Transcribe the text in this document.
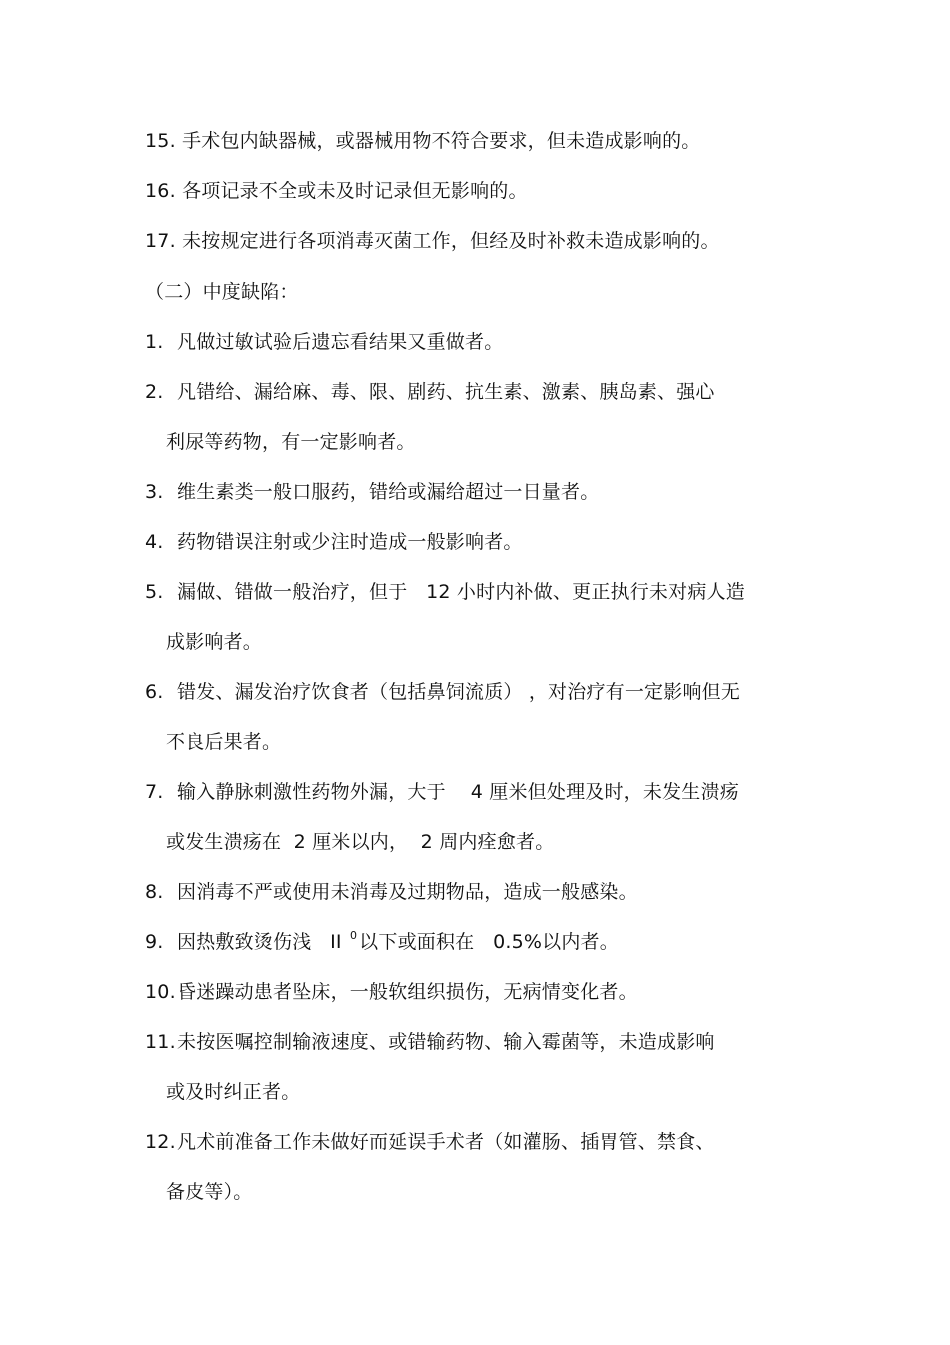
15. 手术包内缺器械，或器械用物不符合要求，但未造成影响的。
16. 各项记录不全或未及时记录但无影响的。
17. 未按规定进行各项消毒灭菌工作，但经及时补救未造成影响的。
（二）中度缺陷：
1. 凡做过敏试验后遗忘看结果又重做者。
2. 凡错给、漏给麻、毒、限、剧药、抗生素、激素、胰岛素、强心
利尿等药物，有一定影响者。
3. 维生素类一般口服药，错给或漏给超过一日量者。
4. 药物错误注射或少注时造成一般影响者。
5. 漏做、错做一般治疗，但于   12 小时内补做、更正执行未对病人造
成影响者。
6. 错发、漏发治疗饮食者（包括鼻饲流质） ，对治疗有一定影响但无
不良后果者。
7. 输入静脉刺激性药物外漏，大于    4 厘米但处理及时，未发生溃疡
或发生溃疡在  2 厘米以内，  2 周内痊愈者。
8. 因消毒不严或使用未消毒及过期物品，造成一般感染。
9. 因热敷致烫伤浅   II $^0$ 以下或面积在   0.5%以内者。
10. 昏迷躁动患者坠床，一般软组织损伤，无病情变化者。
11. 未按医嘱控制输液速度、或错输药物、输入霉菌等，未造成影响
或及时纠正者。
12. 凡术前准备工作未做好而延误手术者（如灌肠、插胃管、禁食、
备皮等）。
